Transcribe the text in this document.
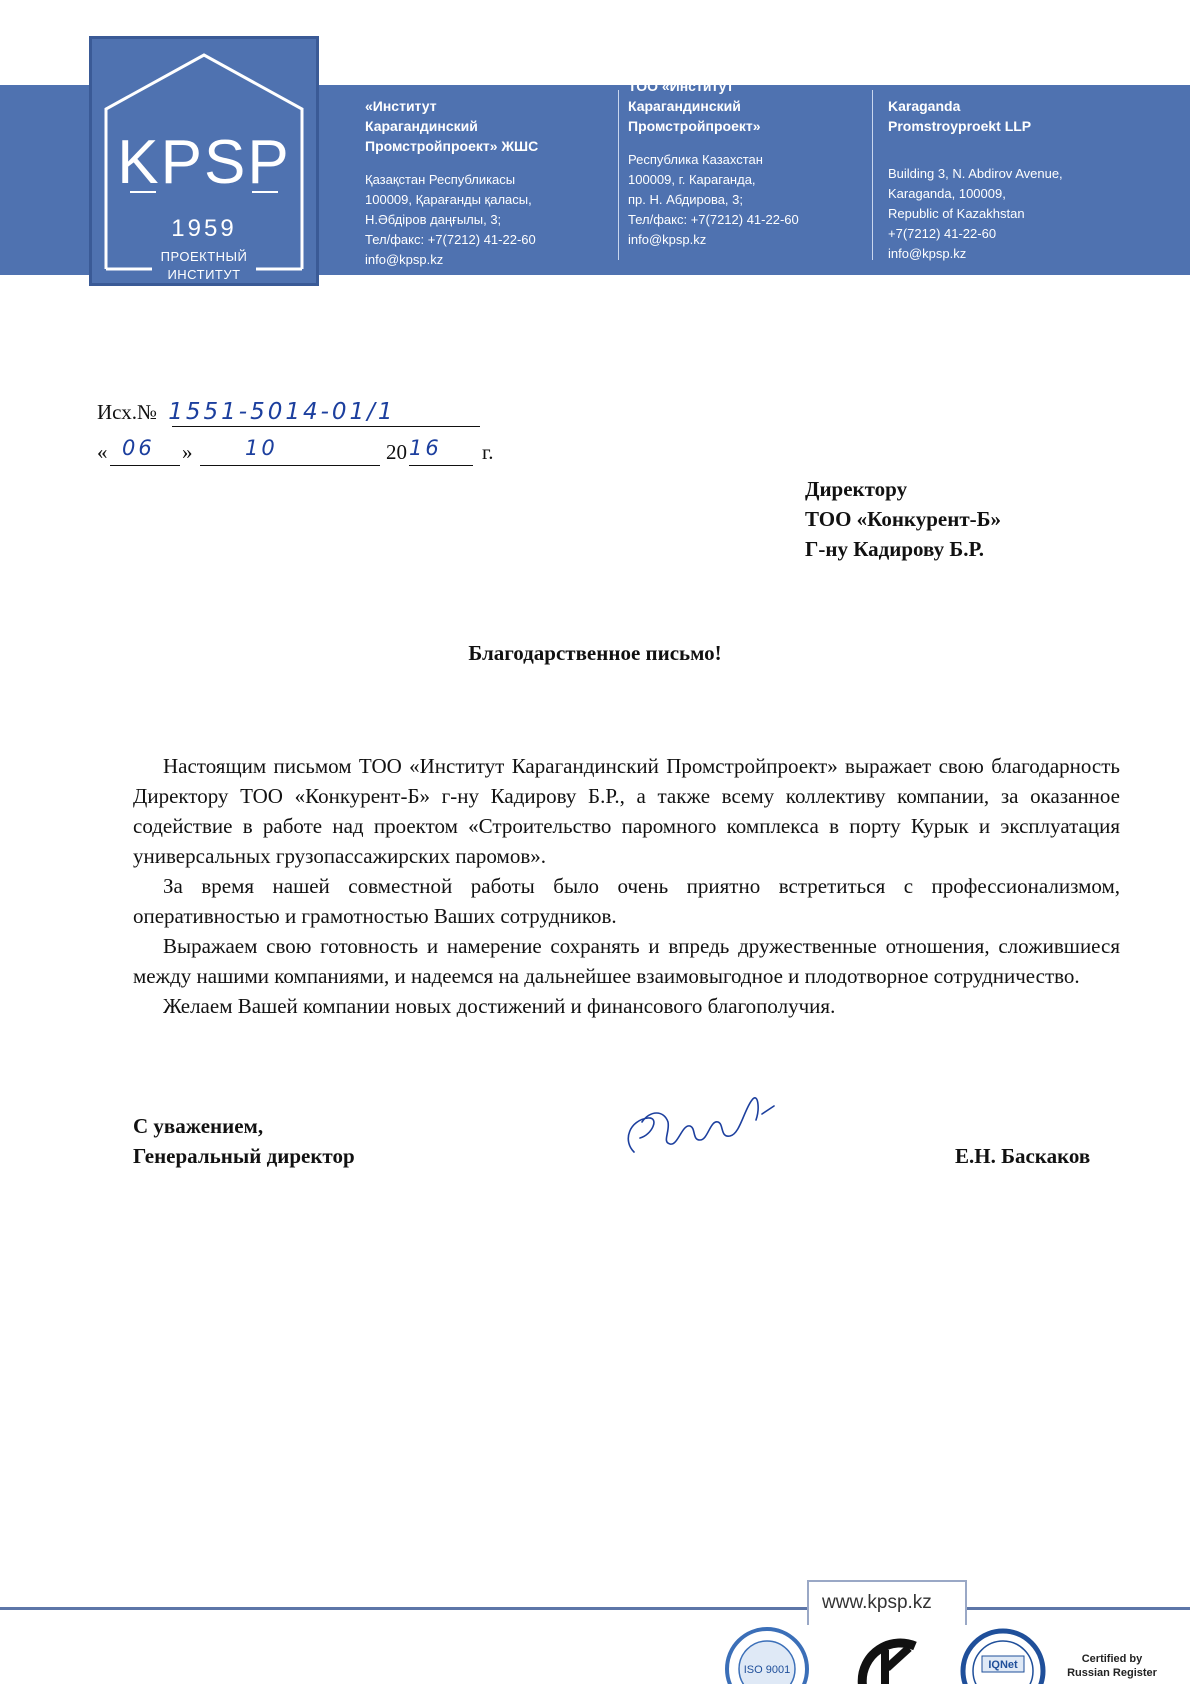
KPSP
1959
ПРОЕКТНЫЙ
ИНСТИТУТ
«Институт
Карагандинский
Промстройпроект» ЖШС
Қазақстан Республикасы
100009, Қарағанды қаласы,
Н.Әбдіров даңғылы, 3;
Тел/факс: +7(7212) 41-22-60
info@kpsp.kz
ТОО «Институт
Карагандинский
Промстройпроект»
Республика Казахстан
100009, г. Караганда,
пр. Н. Абдирова, 3;
Тел/факс: +7(7212) 41-22-60
info@kpsp.kz
Karaganda
Promstroyproekt LLP
Building 3, N. Abdirov Avenue,
Karaganda, 100009,
Republic of Kazakhstan
+7(7212) 41-22-60
info@kpsp.kz
Исх.№ 1551-5014-01/1
« 06 »	10	20 16 г.
Директору
ТОО «Конкурент-Б»
Г-ну Кадирову Б.Р.
Благодарственное письмо!

Настоящим письмом ТОО «Институт Карагандинский Промстройпроект» выражает свою благодарность Директору ТОО «Конкурент-Б» г-ну Кадирову Б.Р., а также всему коллективу компании, за оказанное содействие в работе над проектом «Строительство паромного комплекса в порту Курык и эксплуатация универсальных грузопассажирских паромов».

За время нашей совместной работы было очень приятно встретиться с профессионализмом, оперативностью и грамотностью Ваших сотрудников.

Выражаем свою готовность и намерение сохранять и впредь дружественные отношения, сложившиеся между нашими компаниями, и надеемся на дальнейшее взаимовыгодное и плодотворное сотрудничество.

Желаем Вашей компании новых достижений и финансового благополучия.

С уважением,
Генеральный директор	Е.Н. Баскаков
www.kpsp.kz
ISO 9001	IQNet	Certified by
Russian Register
